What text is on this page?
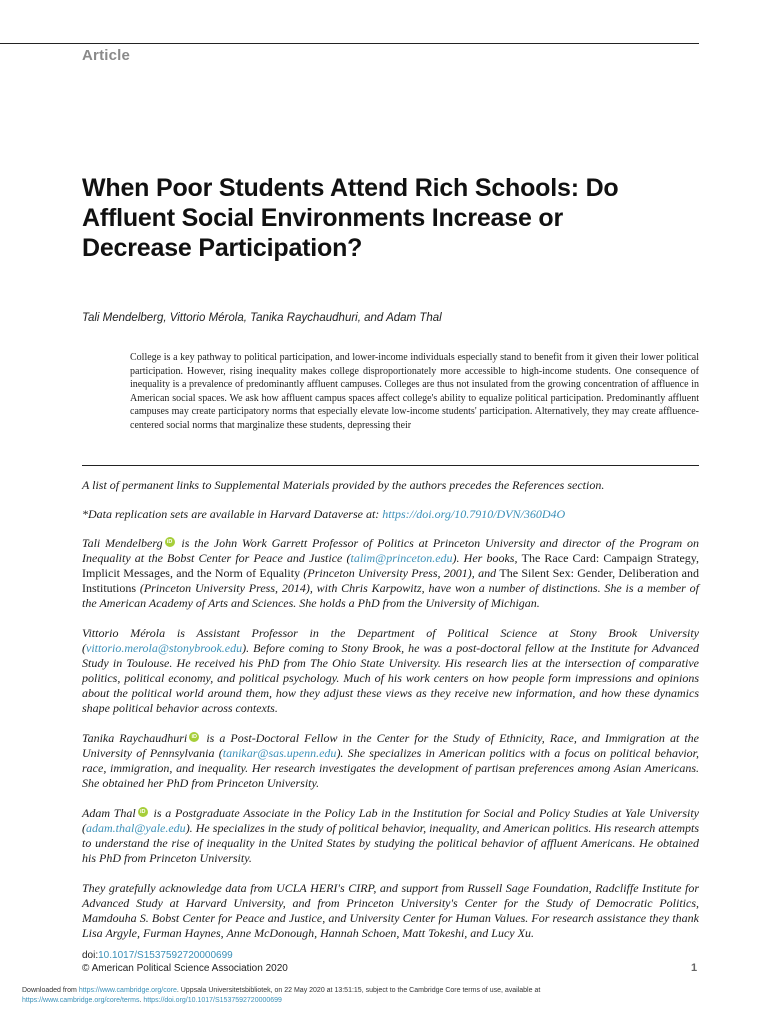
Article
When Poor Students Attend Rich Schools: Do Affluent Social Environments Increase or Decrease Participation?
Tali Mendelberg, Vittorio Mérola, Tanika Raychaudhuri, and Adam Thal

College is a key pathway to political participation, and lower-income individuals especially stand to benefit from it given their lower political participation. However, rising inequality makes college disproportionately more accessible to high-income students. One consequence of inequality is a prevalence of predominantly affluent campuses. Colleges are thus not insulated from the growing concentration of affluence in American social spaces. We ask how affluent campus spaces affect college's ability to equalize political participation. Predominantly affluent campuses may create participatory norms that especially elevate low-income students' participation. Alternatively, they may create affluence-centered social norms that marginalize these students, depressing their

A list of permanent links to Supplemental Materials provided by the authors precedes the References section.

*Data replication sets are available in Harvard Dataverse at: https://doi.org/10.7910/DVN/360D4O

Tali MendelbergiD is the John Work Garrett Professor of Politics at Princeton University and director of the Program on Inequality at the Bobst Center for Peace and Justice (talim@princeton.edu). Her books, The Race Card: Campaign Strategy, Implicit Messages, and the Norm of Equality (Princeton University Press, 2001), and The Silent Sex: Gender, Deliberation and Institutions (Princeton University Press, 2014), with Chris Karpowitz, have won a number of distinctions. She is a member of the American Academy of Arts and Sciences. She holds a PhD from the University of Michigan.

Vittorio Mérola is Assistant Professor in the Department of Political Science at Stony Brook University (vittorio.merola@stonybrook.edu). Before coming to Stony Brook, he was a post-doctoral fellow at the Institute for Advanced Study in Toulouse. He received his PhD from The Ohio State University. His research lies at the intersection of comparative politics, political economy, and political psychology. Much of his work centers on how people form impressions and opinions about the political world around them, how they adjust these views as they receive new information, and how these dynamics shape political behavior across contexts.

Tanika RaychaudhuriiD is a Post-Doctoral Fellow in the Center for the Study of Ethnicity, Race, and Immigration at the University of Pennsylvania (tanikar@sas.upenn.edu). She specializes in American politics with a focus on political behavior, race, immigration, and inequality. Her research investigates the development of partisan preferences among Asian Americans. She obtained her PhD from Princeton University.

Adam ThaliD is a Postgraduate Associate in the Policy Lab in the Institution for Social and Policy Studies at Yale University (adam.thal@yale.edu). He specializes in the study of political behavior, inequality, and American politics. His research attempts to understand the rise of inequality in the United States by studying the political behavior of affluent Americans. He obtained his PhD from Princeton University.

They gratefully acknowledge data from UCLA HERI's CIRP, and support from Russell Sage Foundation, Radcliffe Institute for Advanced Study at Harvard University, and from Princeton University's Center for the Study of Democratic Politics, Mamdouha S. Bobst Center for Peace and Justice, and University Center for Human Values. For research assistance they thank Lisa Argyle, Furman Haynes, Anne McDonough, Hannah Schoen, Matt Tokeshi, and Lucy Xu.

doi:10.1017/S1537592720000699
© American Political Science Association 2020	1
Downloaded from https://www.cambridge.org/core. Uppsala Universitetsbibliotek, on 22 May 2020 at 13:51:15, subject to the Cambridge Core terms of use, available at
https://www.cambridge.org/core/terms. https://doi.org/10.1017/S1537592720000699
